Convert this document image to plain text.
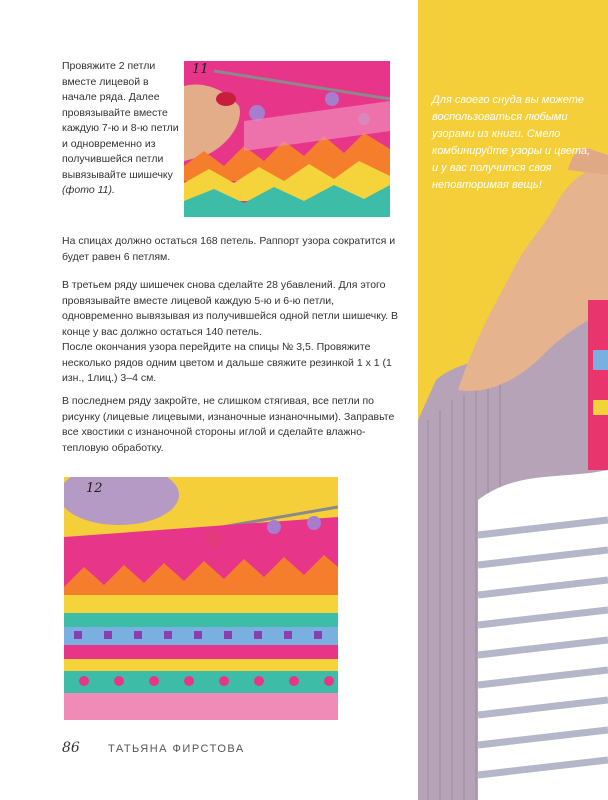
Провяжите 2 петли вместе лицевой в начале ряда. Далее провязывайте вместе каждую 7-ю и 8-ю петли и одновременно из получившейся петли вывязывайте шишечку (фото 11).
11
На спицах должно остаться 168 петель. Раппорт узора сократится и будет равен 6 петлям.
В третьем ряду шишечек снова сделайте 28 убавлений. Для этого провязывайте вместе лицевой каждую 5-ю и 6-ю петли, одновременно вывязывая из получившейся одной петли шишечку. В конце у вас должно остаться 140 петель.
После окончания узора перейдите на спицы № 3,5. Провяжите несколько рядов одним цветом и дальше свяжите резинкой 1 х 1 (1 изн., 1лиц.) 3–4 см.
В последнем ряду закройте, не слишком стягивая, все петли по рисунку (лицевые лицевыми, изнаночные изнаночными). Заправьте все хвостики с изнаночной стороны иглой и сделайте влажно-тепловую обработку.
12
Для своего снуда вы можете воспользоваться любыми узорами из книги. Смело комбинируйте узоры и цвета, и у вас получится своя неповторимая вещь!
86	ТАТЬЯНА ФИРСТОВА
